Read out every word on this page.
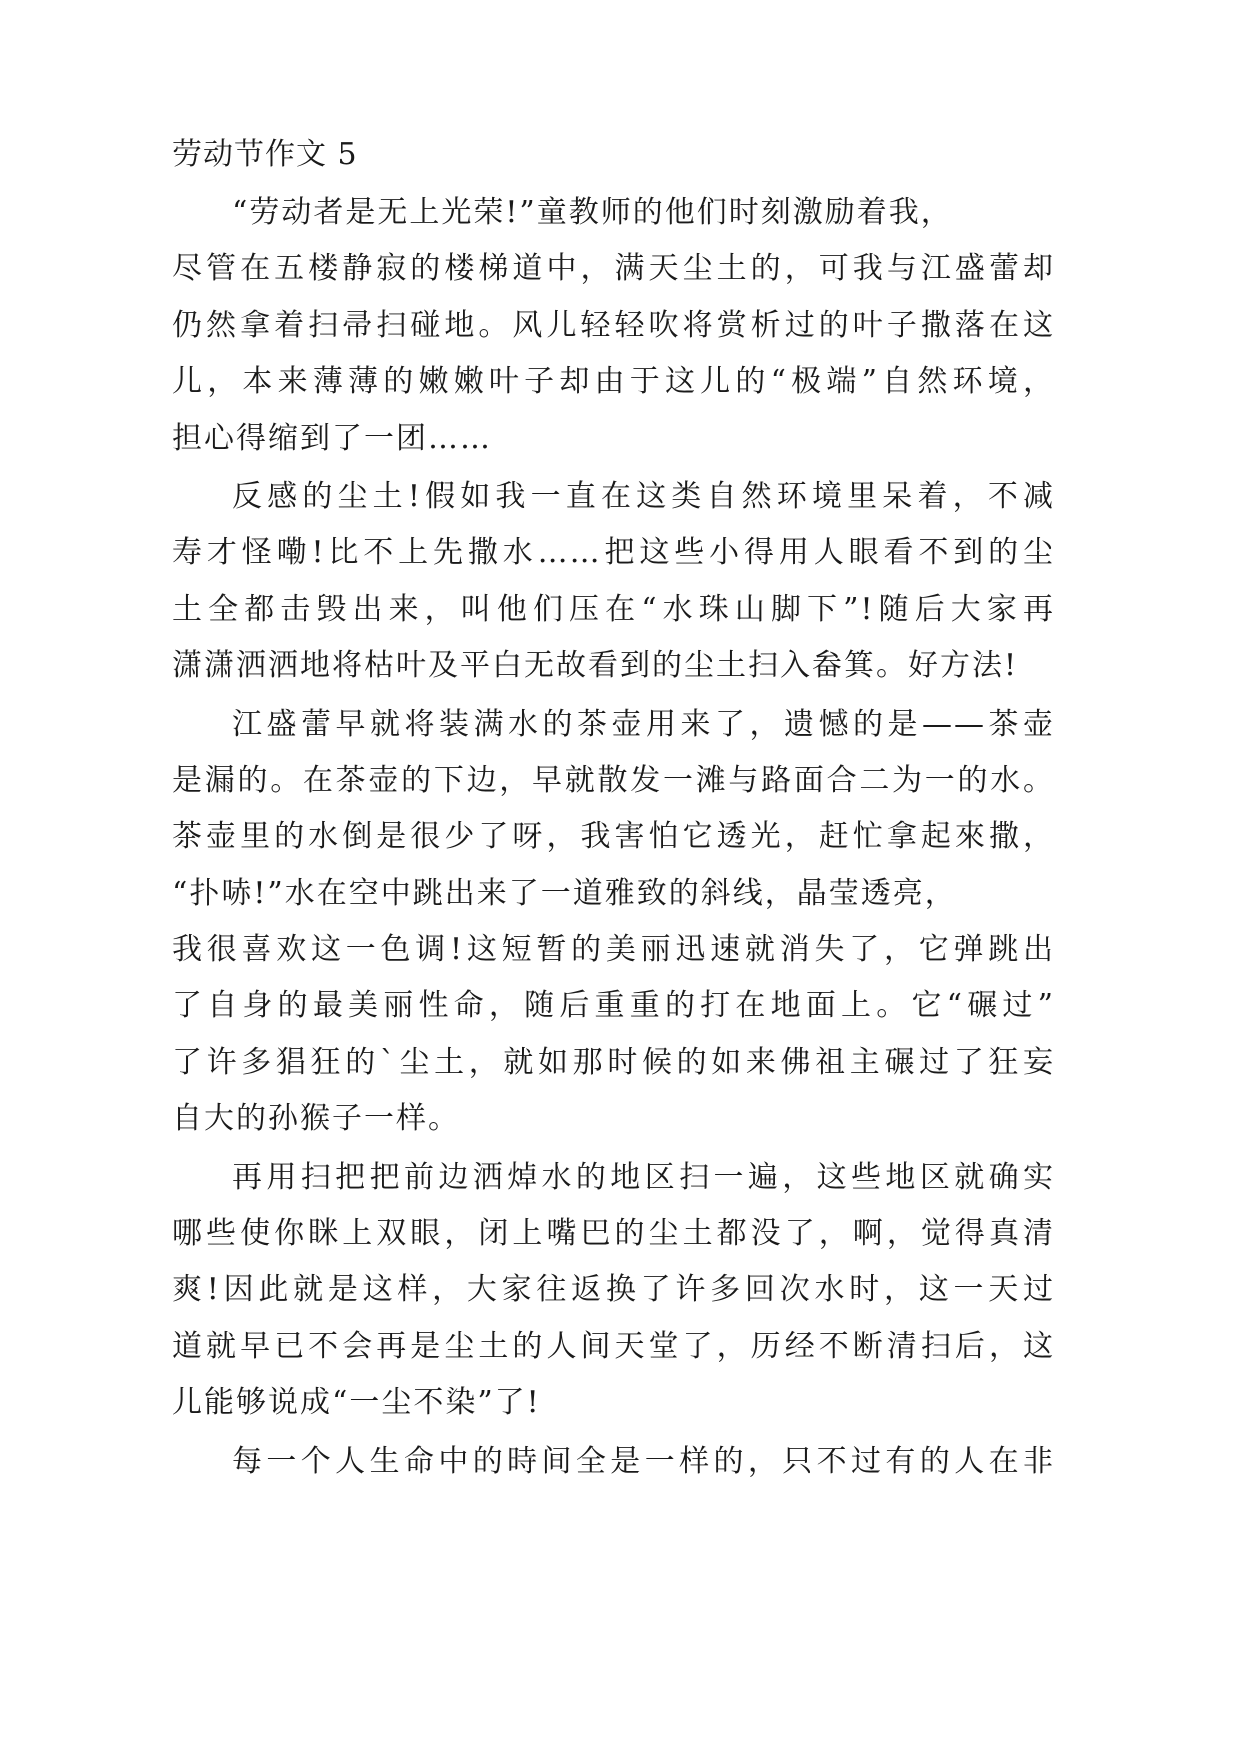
劳动节作文 5
“劳动者是无上光荣!”童教师的他们时刻激励着我，
尽管在五楼静寂的楼梯道中，满天尘土的，可我与江盛蕾却
仍然拿着扫帚扫碰地。风儿轻轻吹将赏析过的叶子撒落在这
儿，本来薄薄的嫩嫩叶子却由于这儿的“极端”自然环境，
担心得缩到了一团……
反感的尘土!假如我一直在这类自然环境里呆着，不减
寿才怪嘞!比不上先撒水……把这些小得用人眼看不到的尘
土全都击毁出来，叫他们压在“水珠山脚下”!随后大家再
潇潇洒洒地将枯叶及平白无故看到的尘土扫入畚箕。好方法!
江盛蕾早就将装满水的茶壶用来了，遗憾的是——茶壶
是漏的。在茶壶的下边，早就散发一滩与路面合二为一的水。
茶壶里的水倒是很少了呀，我害怕它透光，赶忙拿起來撒，
“扑哧!”水在空中跳出来了一道雅致的斜线，晶莹透亮，
我很喜欢这一色调!这短暂的美丽迅速就消失了，它弹跳出
了自身的最美丽性命，随后重重的打在地面上。它“碾过”
了许多猖狂的`尘土，就如那时候的如来佛祖主碾过了狂妄
自大的孙猴子一样。
再用扫把把前边洒焯水的地区扫一遍，这些地区就确实
哪些使你眯上双眼，闭上嘴巴的尘土都没了，啊，觉得真清
爽!因此就是这样，大家往返换了许多回次水时，这一天过
道就早已不会再是尘土的人间天堂了，历经不断清扫后，这
儿能够说成“一尘不染”了!
每一个人生命中的時间全是一样的，只不过有的人在非
